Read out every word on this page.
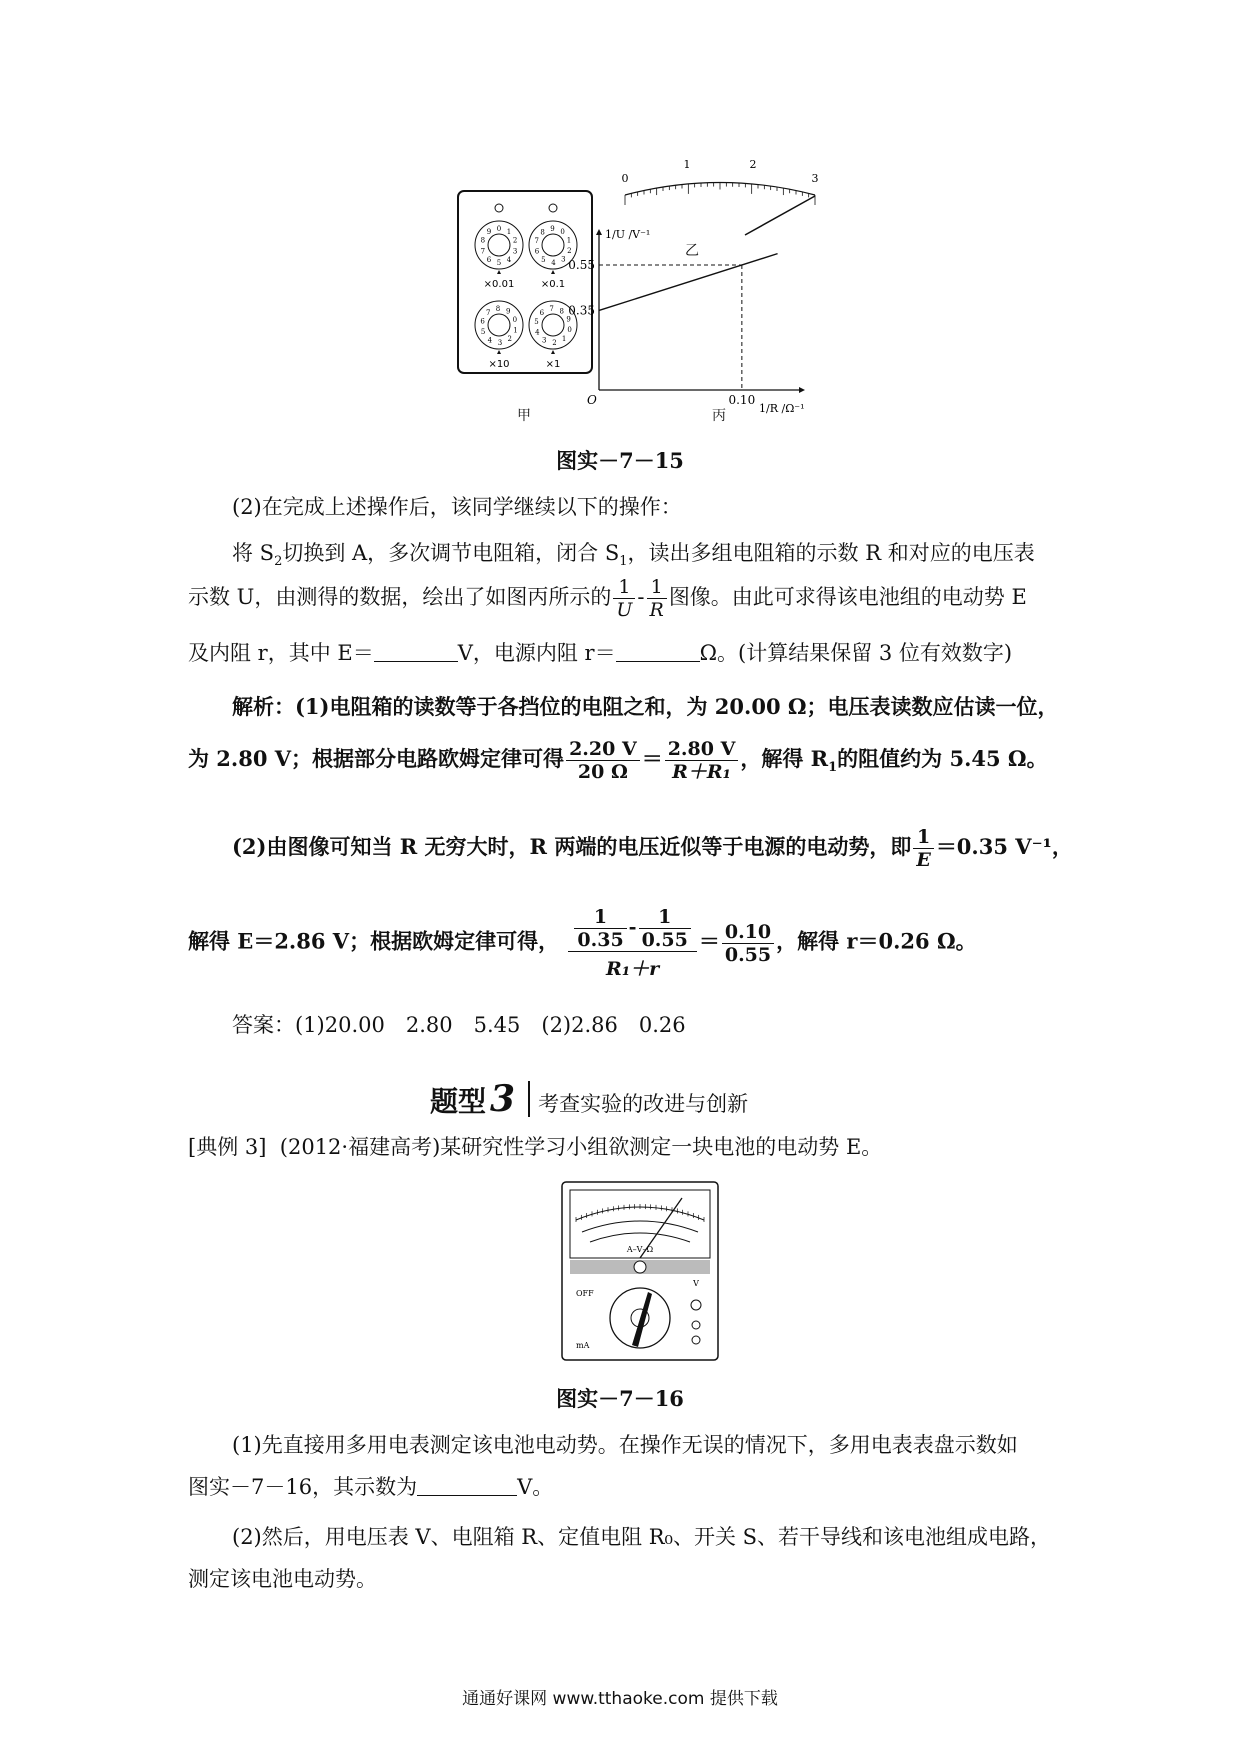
×0.01	×0.1
×10	×1
0 1
2
3
4
5
6
7
8
9	0
1
2
3
4
5
6
7
8 9
0
1
2
3
4
5
6
7 8 9
0
1
2
3
4
5
6
7 8
9
甲
0
1	2
3
乙
O
1/U /V⁻¹
1/R /Ω⁻¹
0.35
0.55
0.10
丙
图实－7－15
(2)在完成上述操作后，该同学继续以下的操作：
将 $S_2$切换到 A，多次调节电阻箱，闭合 $S_1$，读出多组电阻箱的示数 R 和对应的电压表
示数 U，由测得的数据，绘出了如图丙所示的 $\frac{1}{U} - \frac{1}{R}$ 图像。由此可求得该电池组的电动势 E
及内阻 r，其中 E＝	V，电源内阻 r＝	Ω。(计算结果保留 3 位有效数字)
解析：(1)电阻箱的读数等于各挡位的电阻之和，为 20.00 Ω；电压表读数应估读一位，
为 2.80 V；根据部分电路欧姆定律可得 $\frac{2.20 V}{20 \Omega} = \frac{2.80 V}{\text{R＋R₁}}$ ，解得 $R_1$的阻值约为 5.45 Ω。
(2)由图像可知当 R 无穷大时，R 两端的电压近似等于电源的电动势，即 $\frac{1}{E} =0.35$ V⁻¹，
解得 E＝2.86 V；根据欧姆定律可得， $\frac{\frac{1}{0.35} - \frac{1}{0.55}}{\text{R₁＋r}} = \frac{0.10}{0.55}$ ，解得 r＝0.26 Ω。
答案：(1)20.00　2.80　5.45　(2)2.86　0.26
题型 3 考查实验的改进与创新
[典例 3] (2012·福建高考)某研究性学习小组欲测定一块电池的电动势 E。
A–V–Ω
OFF
V
mA
图实－7－16
(1)先直接用多用电表测定该电池电动势。在操作无误的情况下，多用电表表盘示数如
图实－7－16，其示数为	V。
(2)然后，用电压表 V、电阻箱 R、定值电阻 R₀、开关 S、若干导线和该电池组成电路，
测定该电池电动势。
通通好课网 www.tthaoke.com 提供下载
